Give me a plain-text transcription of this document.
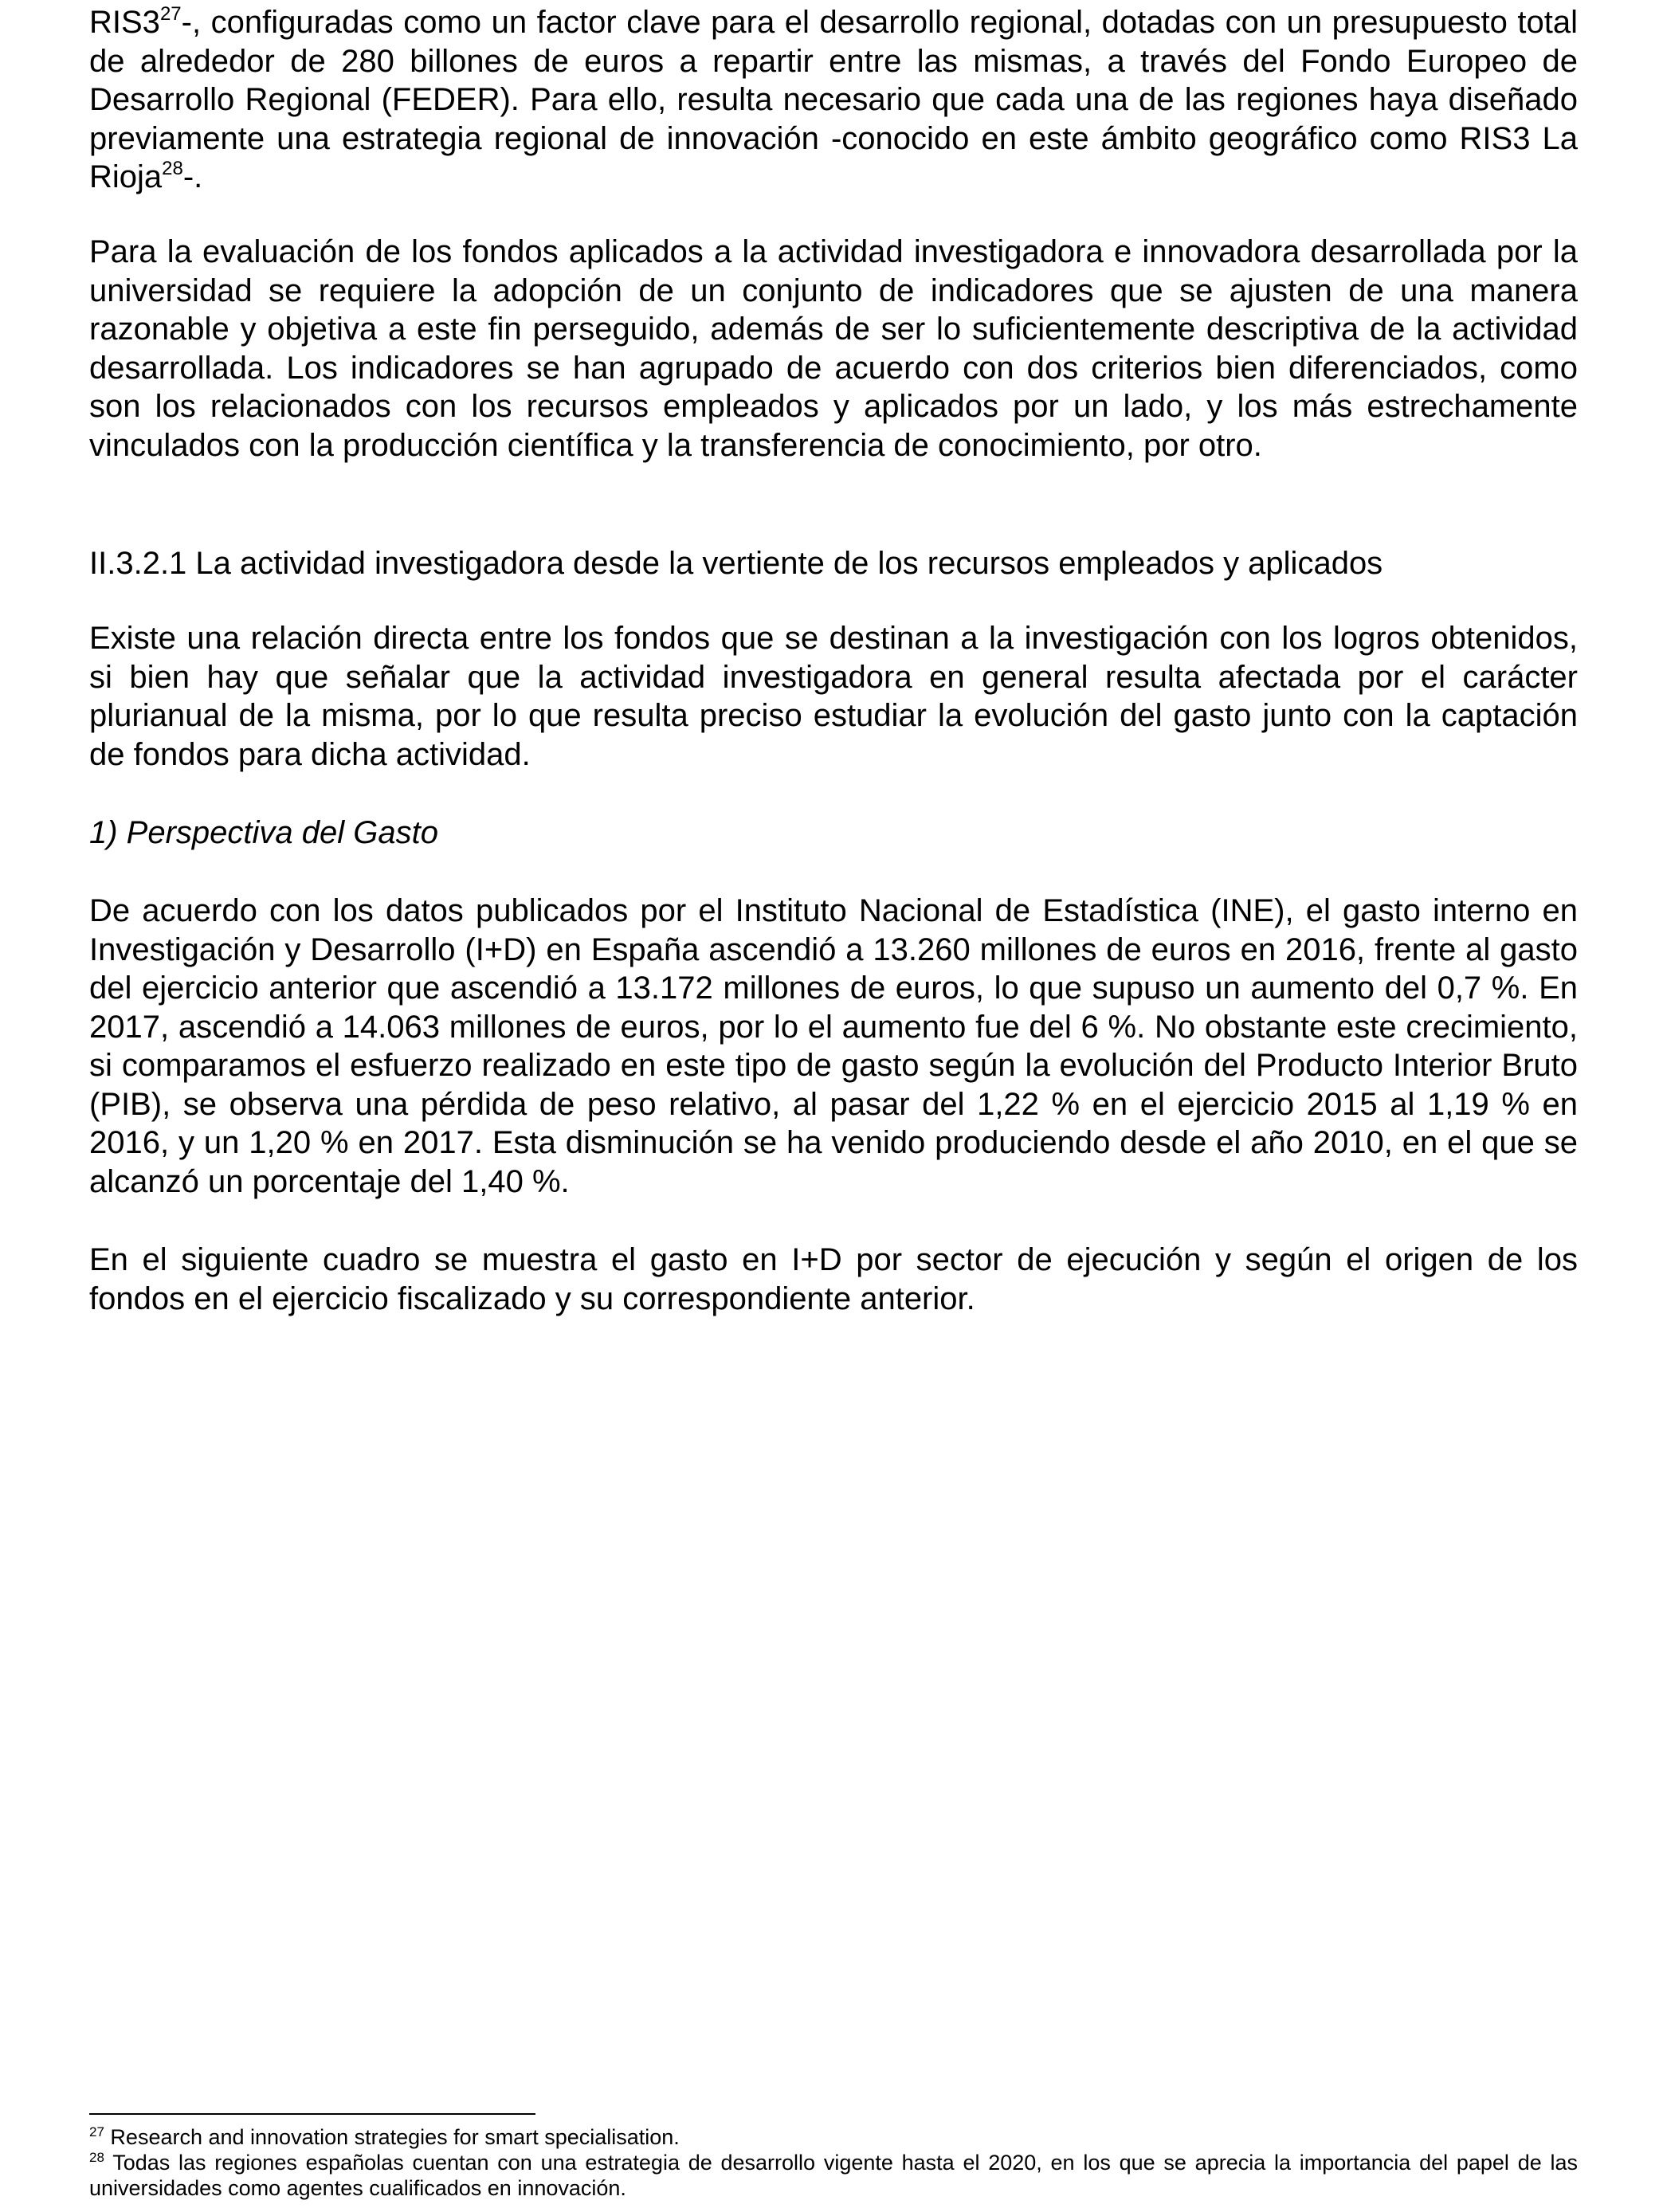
$RIS3^{27}-$, configuradas como un factor clave para el desarrollo regional, dotadas con un presupuesto total de alrededor de 280 billones de euros a repartir entre las mismas, a través del Fondo Europeo de Desarrollo Regional (FEDER). Para ello, resulta necesario que cada una de las regiones haya diseñado previamente una estrategia regional de innovación -conocido en este ámbito geográfico como RIS3 La Rioja$^{28}$-.

Para la evaluación de los fondos aplicados a la actividad investigadora e innovadora desarrollada por la universidad se requiere la adopción de un conjunto de indicadores que se ajusten de una manera razonable y objetiva a este fin perseguido, además de ser lo suficientemente descriptiva de la actividad desarrollada. Los indicadores se han agrupado de acuerdo con dos criterios bien diferenciados, como son los relacionados con los recursos empleados y aplicados por un lado, y los más estrechamente vinculados con la producción científica y la transferencia de conocimiento, por otro.

II.3.2.1 La actividad investigadora desde la vertiente de los recursos empleados y aplicados

Existe una relación directa entre los fondos que se destinan a la investigación con los logros obtenidos, si bien hay que señalar que la actividad investigadora en general resulta afectada por el carácter plurianual de la misma, por lo que resulta preciso estudiar la evolución del gasto junto con la captación de fondos para dicha actividad.

1) Perspectiva del Gasto

De acuerdo con los datos publicados por el Instituto Nacional de Estadística (INE), el gasto interno en Investigación y Desarrollo (I+D) en España ascendió a 13.260 millones de euros en 2016, frente al gasto del ejercicio anterior que ascendió a 13.172 millones de euros, lo que supuso un aumento del 0,7 %. En 2017, ascendió a 14.063 millones de euros, por lo el aumento fue del 6 %. No obstante este crecimiento, si comparamos el esfuerzo realizado en este tipo de gasto según la evolución del Producto Interior Bruto (PIB), se observa una pérdida de peso relativo, al pasar del 1,22 % en el ejercicio 2015 al 1,19 % en 2016, y un 1,20 % en 2017. Esta disminución se ha venido produciendo desde el año 2010, en el que se alcanzó un porcentaje del 1,40 %.

En el siguiente cuadro se muestra el gasto en I+D por sector de ejecución y según el origen de los fondos en el ejercicio fiscalizado y su correspondiente anterior.

$^{27}$ Research and innovation strategies for smart specialisation.

$^{28}$ Todas las regiones españolas cuentan con una estrategia de desarrollo vigente hasta el 2020, en los que se aprecia la importancia del papel de las universidades como agentes cualificados en innovación.
